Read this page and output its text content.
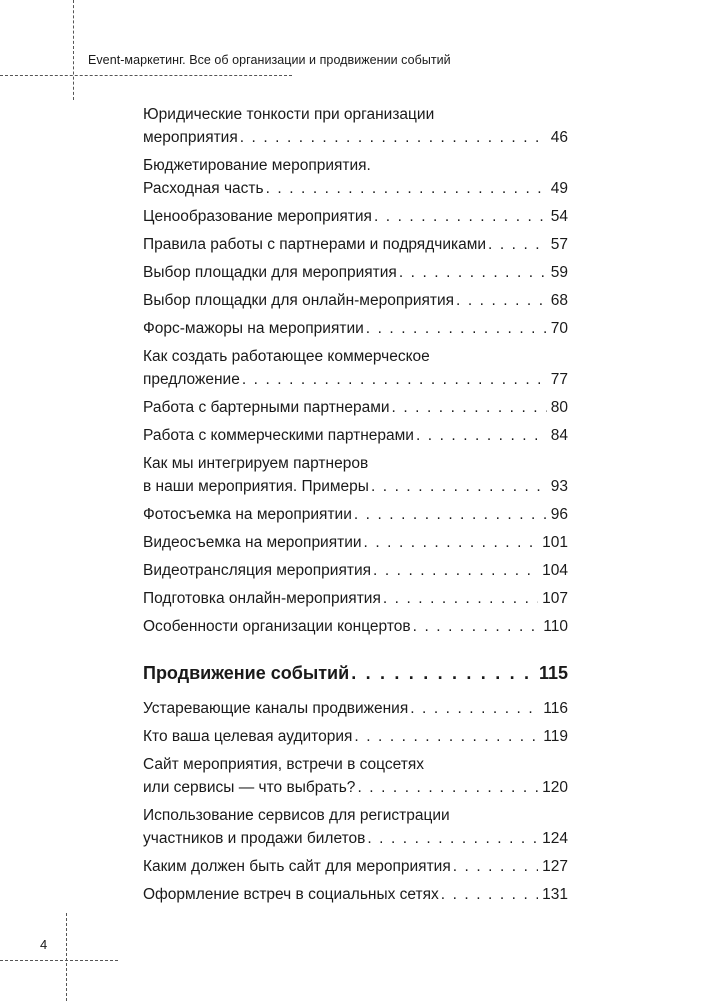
Event-маркетинг. Все об организации и продвижении событий
4
Юридические тонкости при организации
мероприятия . . .	46
Бюджетирование мероприятия.
Расходная часть . . .	49
Ценообразование мероприятия . . .	54
Правила работы с партнерами и подрядчиками . . .	57
Выбор площадки для мероприятия . . .	59
Выбор площадки для онлайн-мероприятия . . .	68
Форс-мажоры на мероприятии . . .	70
Как создать работающее коммерческое
предложение . . .	77
Работа с бартерными партнерами . . .	80
Работа с коммерческими партнерами . . .	84
Как мы интегрируем партнеров
в наши мероприятия. Примеры . . .	93
Фотосъемка на мероприятии . . .	96
Видеосъемка на мероприятии . . .	101
Видеотрансляция мероприятия . . .	104
Подготовка онлайн-мероприятия . . .	107
Особенности организации концертов . . .	110
Продвижение событий . . .	115
Устаревающие каналы продвижения . . .	116
Кто ваша целевая аудитория . . .	119
Сайт мероприятия, встречи в соцсетях
или сервисы — что выбрать? . . .	120
Использование сервисов для регистрации
участников и продажи билетов . . .	124
Каким должен быть сайт для мероприятия . . .	127
Оформление встреч в социальных сетях . . .	131
